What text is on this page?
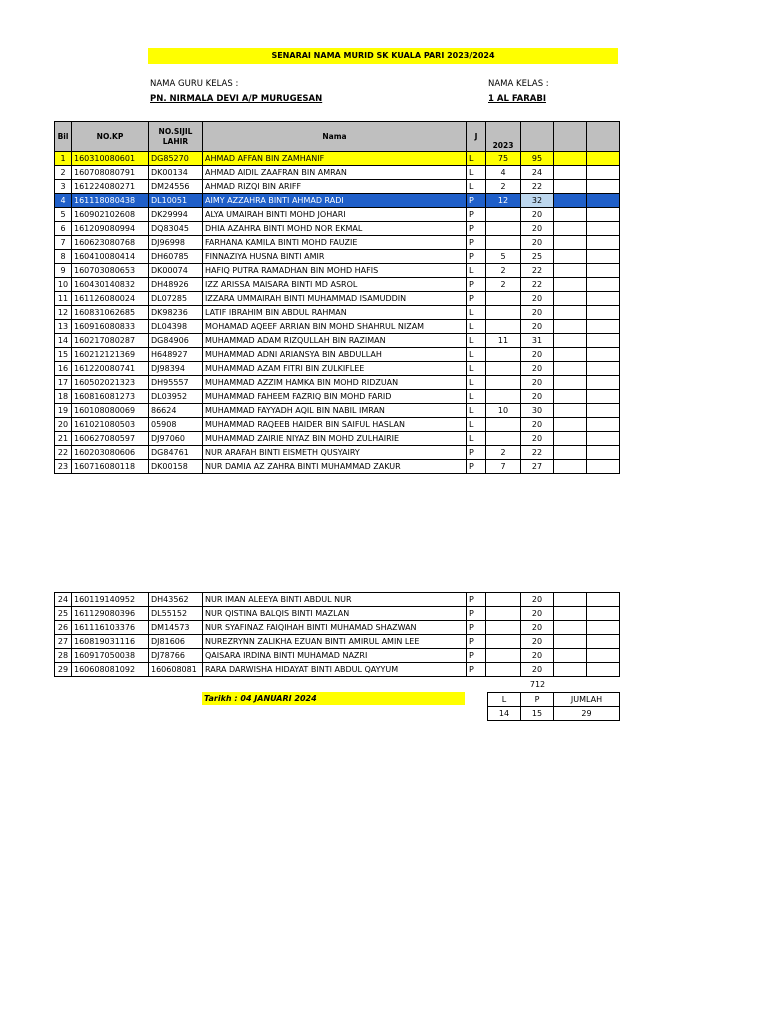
SENARAI NAMA MURID SK KUALA PARI 2023/2024
NAMA GURU KELAS :
PN. NIRMALA DEVI A/P MURUGESAN
NAMA KELAS :
1 AL FARABI
Bil	NO.KP	NO.SIJIL LAHIR	Nama	J	2023			
1	160310080601	DG85270	AHMAD AFFAN BIN ZAMHANIF	L	75	95		
2	160708080791	DK00134	AHMAD AIDIL ZAAFRAN BIN AMRAN	L	4	24		
3	161224080271	DM24556	AHMAD RIZQI BIN ARIFF	L	2	22		
4	161118080438	DL10051	AIMY AZZAHRA BINTI AHMAD RADI	P	12	32		
5	160902102608	DK29994	ALYA UMAIRAH BINTI MOHD JOHARI	P		20		
6	161209080994	DQ83045	DHIA AZAHRA BINTI MOHD NOR EKMAL	P		20		
7	160623080768	DJ96998	FARHANA KAMILA BINTI MOHD FAUZIE	P		20		
8	160410080414	DH60785	FINNAZIYA HUSNA BINTI AMIR	P	5	25		
9	160703080653	DK00074	HAFIQ PUTRA RAMADHAN BIN MOHD HAFIS	L	2	22		
10	160430140832	DH48926	IZZ ARISSA MAISARA BINTI MD ASROL	P	2	22		
11	161126080024	DL07285	IZZARA UMMAIRAH BINTI MUHAMMAD ISAMUDDIN	P		20		
12	160831062685	DK98236	LATIF IBRAHIM BIN ABDUL RAHMAN	L		20		
13	160916080833	DL04398	MOHAMAD AQEEF ARRIAN BIN MOHD SHAHRUL NIZAM	L		20		
14	160217080287	DG84906	MUHAMMAD ADAM RIZQULLAH BIN RAZIMAN	L	11	31		
15	160212121369	H648927	MUHAMMAD ADNI ARIANSYA BIN ABDULLAH	L		20		
16	161220080741	DJ98394	MUHAMMAD AZAM FITRI BIN ZULKIFLEE	L		20		
17	160502021323	DH95557	MUHAMMAD AZZIM HAMKA BIN MOHD RIDZUAN	L		20		
18	160816081273	DL03952	MUHAMMAD FAHEEM FAZRIQ BIN MOHD FARID	L		20		
19	160108080069	86624	MUHAMMAD FAYYADH AQIL BIN NABIL IMRAN	L	10	30		
20	161021080503	05908	MUHAMMAD RAQEEB HAIDER BIN SAIFUL HASLAN	L		20		
21	160627080597	DJ97060	MUHAMMAD ZAIRIE NIYAZ BIN MOHD ZULHAIRIE	L		20		
22	160203080606	DG84761	NUR ARAFAH BINTI EISMETH QUSYAIRY	P	2	22		
23	160716080118	DK00158	NUR DAMIA AZ ZAHRA BINTI MUHAMMAD ZAKUR	P	7	27		
24	160119140952	DH43562	NUR IMAN ALEEYA BINTI ABDUL NUR	P		20		
25	161129080396	DL55152	NUR QISTINA BALQIS BINTI MAZLAN	P		20		
26	161116103376	DM14573	NUR SYAFINAZ FAIQIHAH BINTI MUHAMAD SHAZWAN	P		20		
27	160819031116	DJ81606	NUREZRYNN ZALIKHA EZUAN BINTI AMIRUL AMIN LEE	P		20		
28	160917050038	DJ78766	QAISARA IRDINA BINTI MUHAMAD NAZRI	P		20		
29	160608081092	160608081	RARA DARWISHA HIDAYAT BINTI ABDUL QAYYUM	P		20		
Tarikh : 04 JANUARI 2024
712
L	P	JUMLAH
14	15	29
